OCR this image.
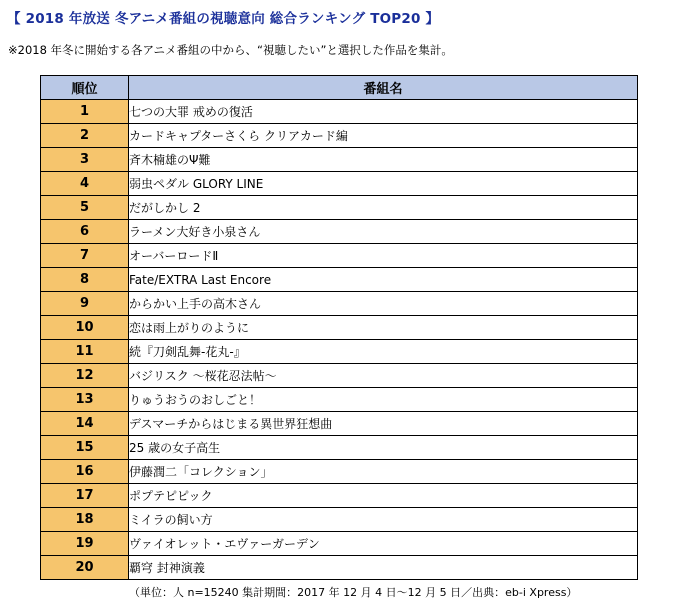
【 2018 年放送 冬アニメ番組の視聴意向 総合ランキング TOP20 】
※2018 年冬に開始する各アニメ番組の中から、“視聴したい”と選択した作品を集計。
順位	番組名
1	七つの大罪 戒めの復活
2	カードキャプターさくら クリアカード編
3	斉木楠雄のΨ難
4	弱虫ペダル GLORY LINE
5	だがしかし 2
6	ラーメン大好き小泉さん
7	オーバーロードⅡ
8	Fate/EXTRA Last Encore
9	からかい上手の高木さん
10	恋は雨上がりのように
11	続『刀剣乱舞-花丸-』
12	バジリスク 〜桜花忍法帖〜
13	りゅうおうのおしごと！
14	デスマーチからはじまる異世界狂想曲
15	25 歳の女子高生
16	伊藤潤二「コレクション」
17	ポプテピピック
18	ミイラの飼い方
19	ヴァイオレット・エヴァーガーデン
20	覇穹 封神演義
（単位：人 n=15240 集計期間：2017 年 12 月 4 日〜12 月 5 日／出典：eb-i Xpress）
